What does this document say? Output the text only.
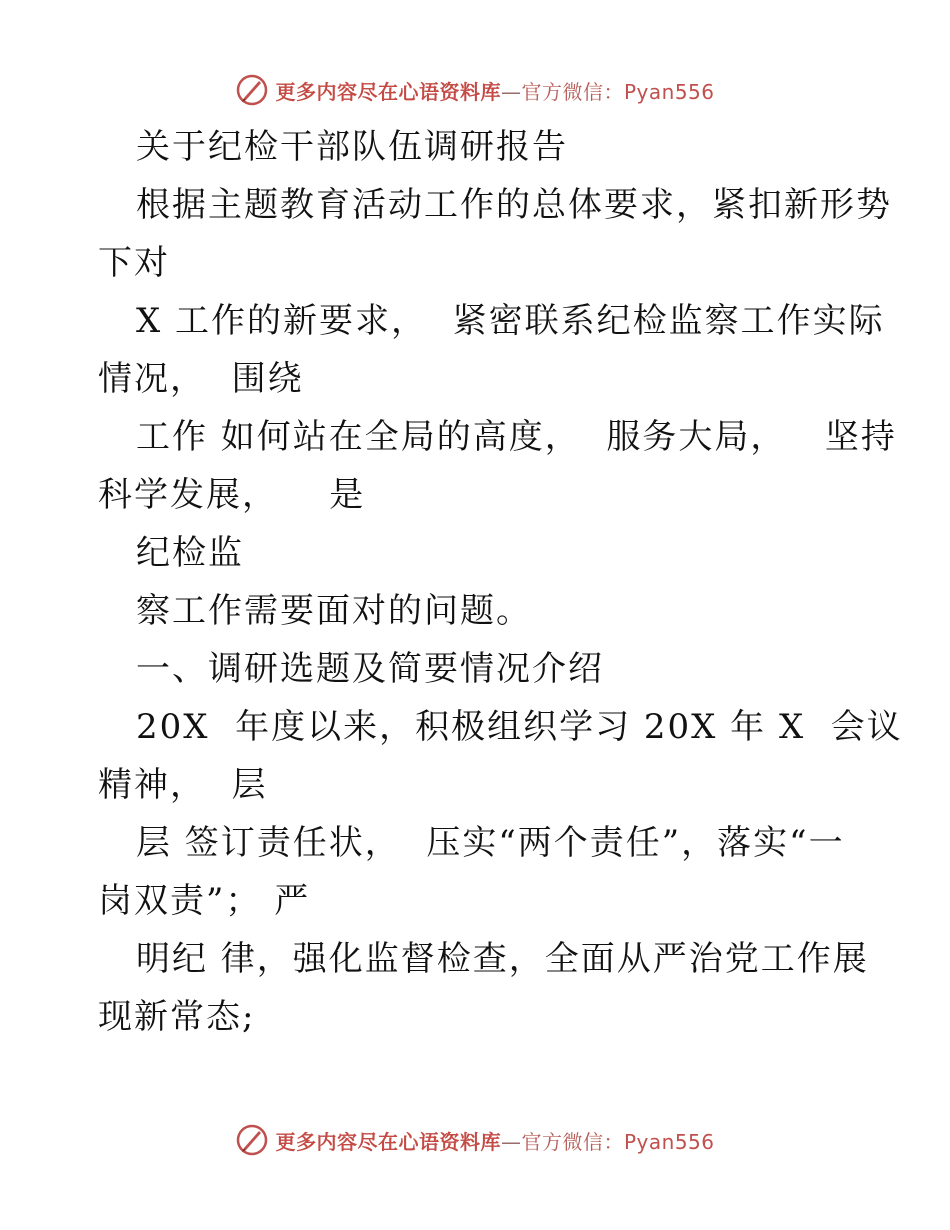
更多内容尽在心语资料库—官方微信：Pyan556
关于纪检干部队伍调研报告
根据主题教育活动工作的总体要求，紧扣新形势
下对
X 工作的新要求，  紧密联系纪检监察工作实际
情况，  围绕
工作 如何站在全局的高度，  服务大局，   坚持
科学发展，    是
纪检监
察工作需要面对的问题。
一、调研选题及简要情况介绍
20X  年度以来，积极组织学习 20X 年 X  会议
精神，  层
层 签订责任状，  压实“两个责任”，落实“一
岗双责”； 严
明纪 律，强化监督检查，全面从严治党工作展
现新常态;
更多内容尽在心语资料库—官方微信：Pyan556
